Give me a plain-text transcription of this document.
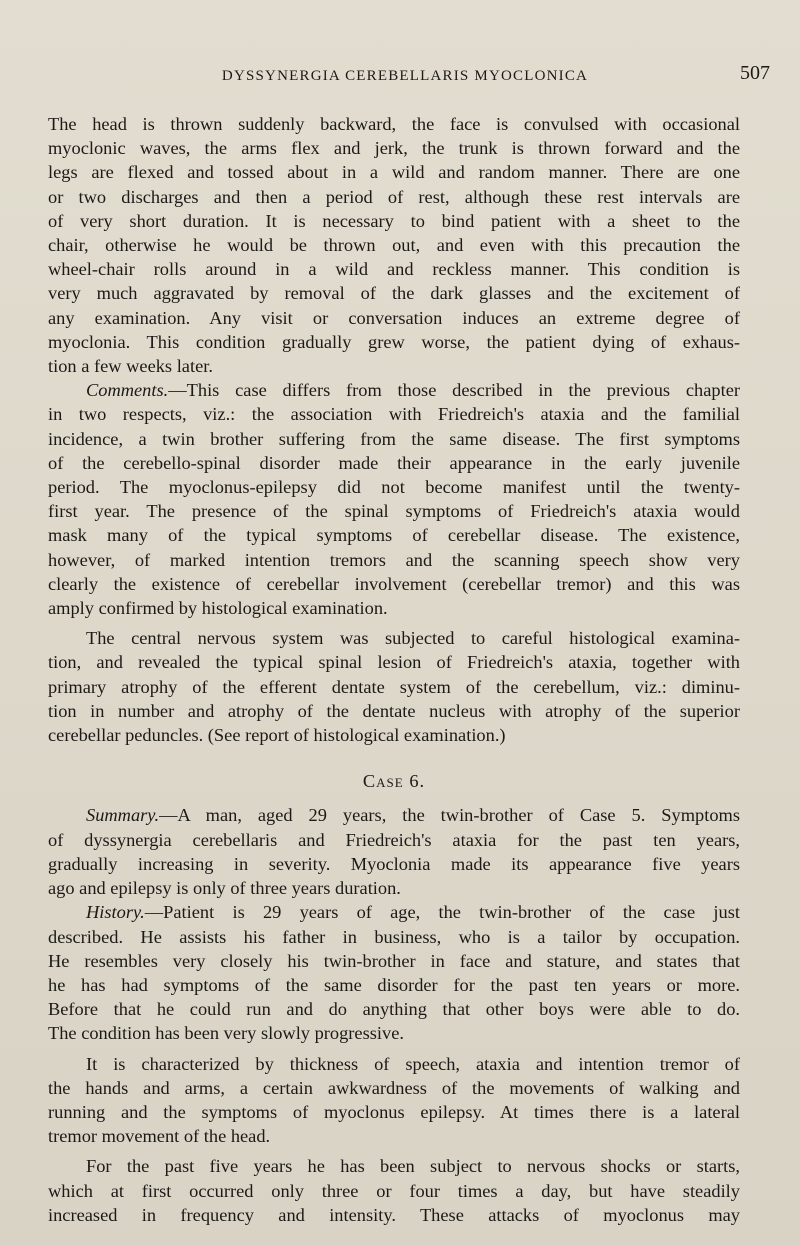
DYSSYNERGIA CEREBELLARIS MYOCLONICA	507
The head is thrown suddenly backward, the face is convulsed with occasional
myoclonic waves, the arms flex and jerk, the trunk is thrown forward and the
legs are flexed and tossed about in a wild and random manner. There are one
or two discharges and then a period of rest, although these rest intervals are
of very short duration. It is necessary to bind patient with a sheet to the
chair, otherwise he would be thrown out, and even with this precaution the
wheel-chair rolls around in a wild and reckless manner. This condition is
very much aggravated by removal of the dark glasses and the excitement of
any examination. Any visit or conversation induces an extreme degree of
myoclonia. This condition gradually grew worse, the patient dying of exhaus-
tion a few weeks later.
Comments.—This case differs from those described in the previous chapter
in two respects, viz.: the association with Friedreich's ataxia and the familial
incidence, a twin brother suffering from the same disease. The first symptoms
of the cerebello-spinal disorder made their appearance in the early juvenile
period. The myoclonus-epilepsy did not become manifest until the twenty-
first year. The presence of the spinal symptoms of Friedreich's ataxia would
mask many of the typical symptoms of cerebellar disease. The existence,
however, of marked intention tremors and the scanning speech show very
clearly the existence of cerebellar involvement (cerebellar tremor) and this was
amply confirmed by histological examination.
The central nervous system was subjected to careful histological examina-
tion, and revealed the typical spinal lesion of Friedreich's ataxia, together with
primary atrophy of the efferent dentate system of the cerebellum, viz.: diminu-
tion in number and atrophy of the dentate nucleus with atrophy of the superior
cerebellar peduncles. (See report of histological examination.)
Case 6.
Summary.—A man, aged 29 years, the twin-brother of Case 5. Symptoms
of dyssynergia cerebellaris and Friedreich's ataxia for the past ten years,
gradually increasing in severity. Myoclonia made its appearance five years
ago and epilepsy is only of three years duration.
History.—Patient is 29 years of age, the twin-brother of the case just
described. He assists his father in business, who is a tailor by occupation.
He resembles very closely his twin-brother in face and stature, and states that
he has had symptoms of the same disorder for the past ten years or more.
Before that he could run and do anything that other boys were able to do.
The condition has been very slowly progressive.
It is characterized by thickness of speech, ataxia and intention tremor of
the hands and arms, a certain awkwardness of the movements of walking and
running and the symptoms of myoclonus epilepsy. At times there is a lateral
tremor movement of the head.
For the past five years he has been subject to nervous shocks or starts,
which at first occurred only three or four times a day, but have steadily
increased in frequency and intensity. These attacks of myoclonus may
